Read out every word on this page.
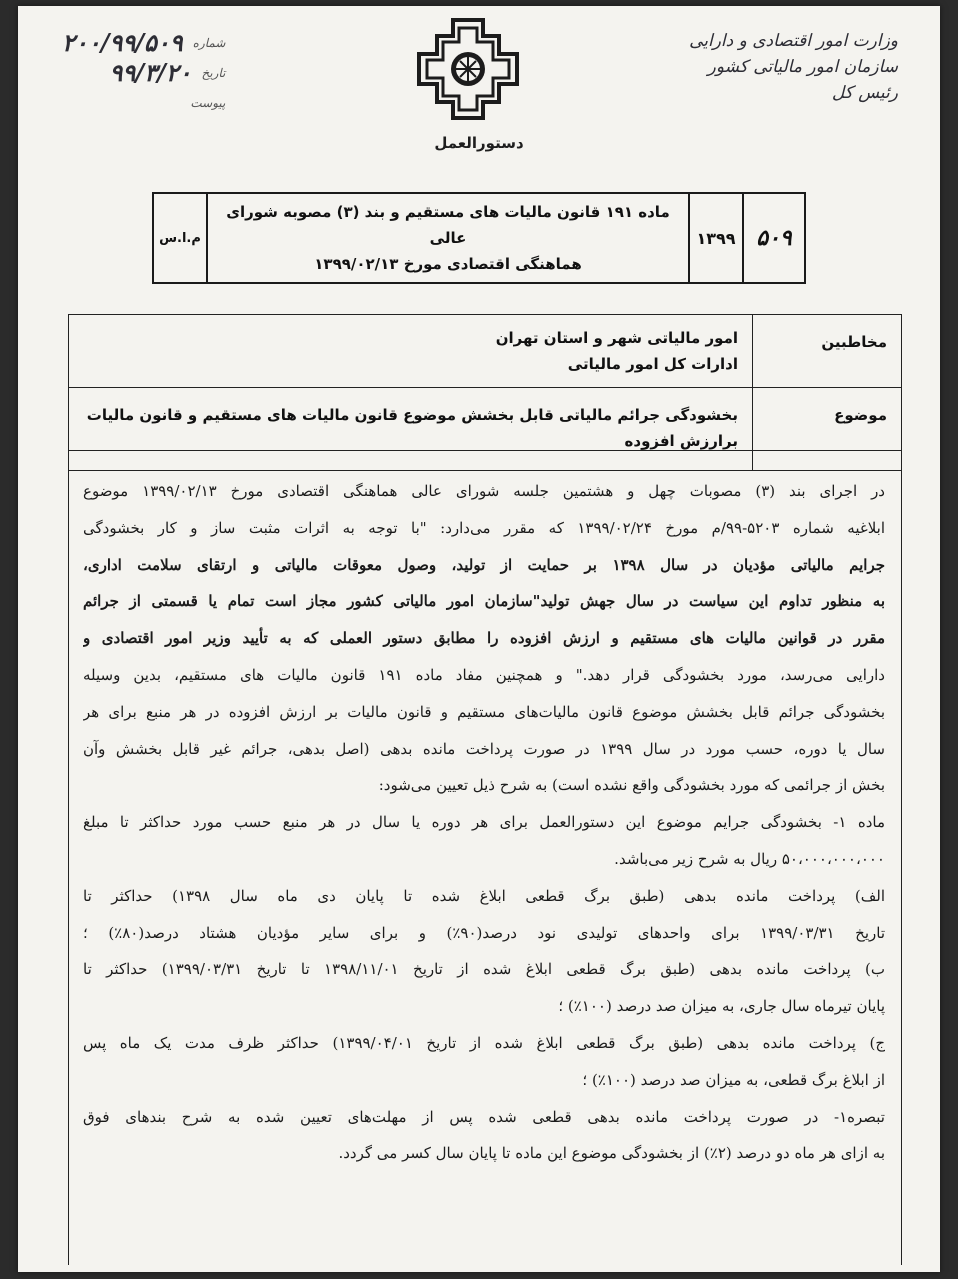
وزارت امور اقتصادی و دارایی
سازمان امور مالیاتی کشور
رئیس کل
شماره
۲۰۰/۹۹/۵۰۹
تاریخ
۹۹/۳/۲۰
پیوست
دستورالعمل
۵۰۹
۱۳۹۹
ماده ۱۹۱ قانون مالیات های مستقیم و بند (۳) مصوبه شورای عالی
هماهنگی اقتصادی مورخ ۱۳۹۹/۰۲/۱۳
م.ا.س
مخاطبین
امور مالیاتی شهر و استان تهران
ادارات کل امور مالیاتی
موضوع
بخشودگی جرائم مالیاتی قابل بخشش موضوع قانون مالیات های مستقیم و قانون مالیات برارزش افزوده
در اجرای بند (۳) مصوبات چهل و هشتمین جلسه شورای عالی هماهنگی اقتصادی مورخ ۱۳۹۹/۰۲/۱۳ موضوع
ابلاغیه شماره ۵۲۰۳-۹۹/م مورخ ۱۳۹۹/۰۲/۲۴ که مقرر می‌دارد: "با توجه به اثرات مثبت ساز و کار بخشودگی
جرایم مالیاتی مؤدیان در سال ۱۳۹۸ بر حمایت از تولید، وصول معوقات مالیاتی و ارتقای سلامت اداری،
به منظور تداوم این سیاست در سال جهش تولید"سازمان امور مالیاتی کشور مجاز است تمام یا قسمتی از جرائم
مقرر در قوانین مالیات های مستقیم و ارزش افزوده را مطابق دستور العملی که به تأیید وزیر امور اقتصادی و
دارایی می‌رسد، مورد بخشودگی قرار دهد." و همچنین مفاد ماده ۱۹۱ قانون مالیات های مستقیم، بدین وسیله
بخشودگی جرائم قابل بخشش موضوع قانون مالیات‌های مستقیم و قانون مالیات بر ارزش افزوده در هر منبع برای هر
سال یا دوره، حسب مورد در سال ۱۳۹۹ در صورت پرداخت مانده بدهی (اصل بدهی، جرائم غیر قابل بخشش وآن
بخش از جرائمی که مورد بخشودگی واقع نشده است) به شرح ذیل تعیین می‌شود:
ماده ۱- بخشودگی جرایم موضوع این دستورالعمل برای هر دوره یا سال در هر منبع حسب مورد حداکثر تا مبلغ
۵۰،۰۰۰،۰۰۰،۰۰۰ ریال به شرح زیر می‌باشد.
الف) پرداخت مانده بدهی (طبق برگ قطعی ابلاغ شده تا پایان دی ماه سال ۱۳۹۸) حداکثر تا
تاریخ ۱۳۹۹/۰۳/۳۱ برای واحدهای تولیدی نود درصد(۹۰٪) و برای سایر مؤدیان هشتاد درصد(۸۰٪) ؛
ب) پرداخت مانده بدهی (طبق برگ قطعی ابلاغ شده از تاریخ ۱۳۹۸/۱۱/۰۱ تا تاریخ ۱۳۹۹/۰۳/۳۱) حداکثر تا
پایان تیرماه سال جاری، به میزان صد درصد (۱۰۰٪) ؛
ج) پرداخت مانده بدهی (طبق برگ قطعی ابلاغ شده از تاریخ ۱۳۹۹/۰۴/۰۱) حداکثر ظرف مدت یک ماه پس
از ابلاغ برگ قطعی، به میزان صد درصد (۱۰۰٪) ؛
تبصره۱- در صورت پرداخت مانده بدهی قطعی شده پس از مهلت‌های تعیین شده به شرح بندهای فوق
به ازای هر ماه دو درصد (۲٪) از بخشودگی موضوع این ماده تا پایان سال کسر می گردد.
